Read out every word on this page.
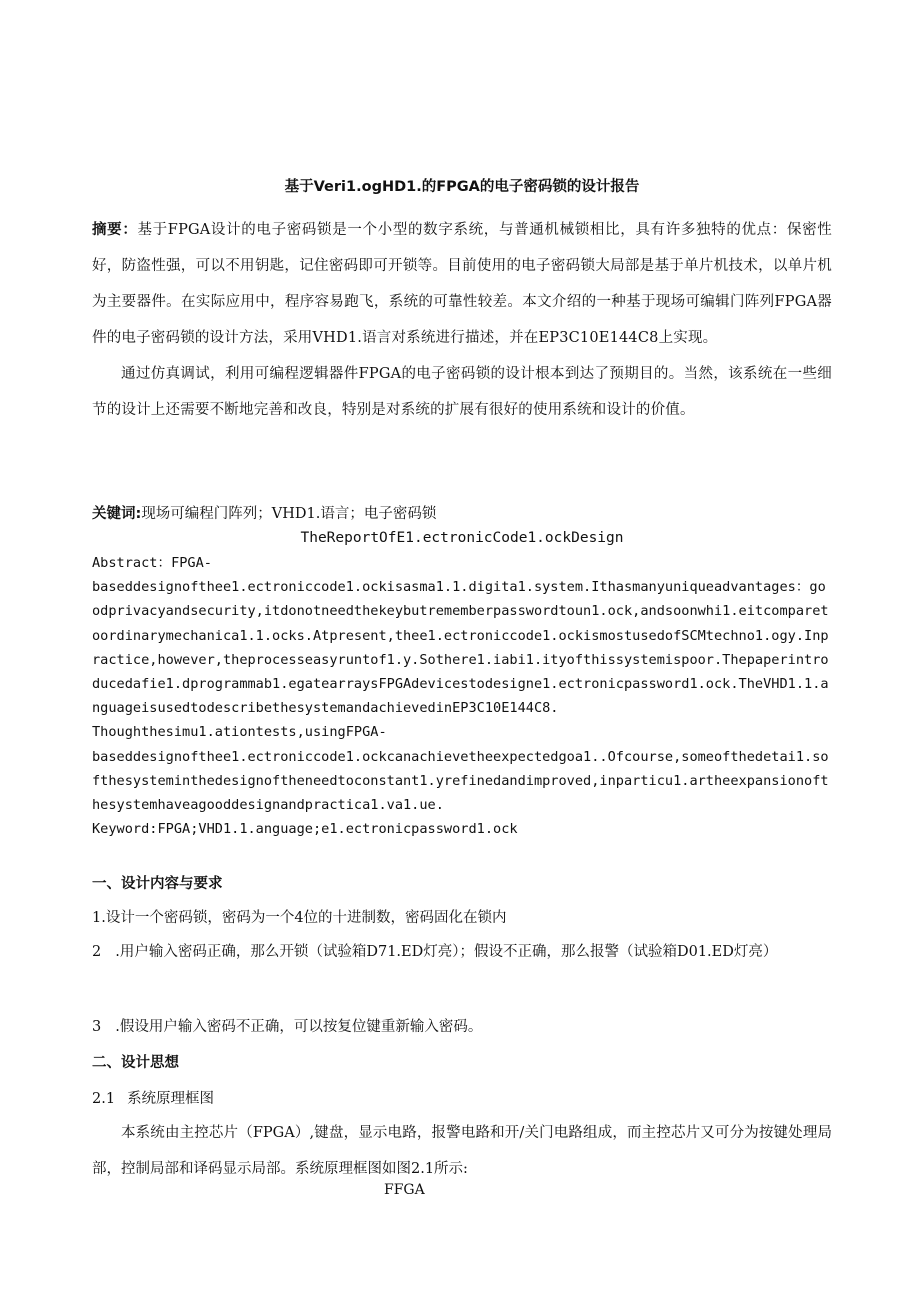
基于Veri1.ogHD1.的FPGA的电子密码锁的设计报告

摘要：基于FPGA设计的电子密码锁是一个小型的数字系统，与普通机械锁相比，具有许多独特的优点：保密性好，防盗性强，可以不用钥匙，记住密码即可开锁等。目前使用的电子密码锁大局部是基于单片机技术，以单片机为主要器件。在实际应用中，程序容易跑飞，系统的可靠性较差。本文介绍的一种基于现场可编辑门阵列FPGA器件的电子密码锁的设计方法，采用VHD1.语言对系统进行描述，并在EP3C10E144C8上实现。

通过仿真调试，利用可编程逻辑器件FPGA的电子密码锁的设计根本到达了预期目的。当然，该系统在一些细节的设计上还需要不断地完善和改良，特别是对系统的扩展有很好的使用系统和设计的价值。

关键词:现场可编程门阵列；VHD1.语言；电子密码锁
TheReportOfE1.ectronicCode1.ockDesign
Abstract：FPGA-
baseddesignofthee1.ectroniccode1.ockisasma1.1.digita1.system.Ithasmanyuniqueadvantages：goodprivacyandsecurity,itdonotneedthekeybutrememberpasswordtoun1.ock,andsoonwhi1.eitcomparetoordinarymechanica1.1.ocks.Atpresent,thee1.ectroniccode1.ockismostusedofSCMtechno1.ogy.Inpractice,however,theprocesseasyruntof1.y.Sothere1.iabi1.ityofthissystemispoor.Thepaperintroducedafie1.dprogrammab1.egatearraysFPGAdevicestodesigne1.ectronicpassword1.ock.TheVHD1.1.anguageisusedtodescribethesystemandachievedinEP3C10E144C8.
Thoughthesimu1.ationtests,usingFPGA-
baseddesignofthee1.ectroniccode1.ockcanachievetheexpectedgoa1..Ofcourse,someofthedetai1.softhesysteminthedesignoftheneedtoconstant1.yrefinedandimproved,inparticu1.artheexpansionofthesystemhaveagooddesignandpractica1.va1.ue.
Keyword:FPGA;VHD1.1.anguage;e1.ectronicpassword1.ock
一、设计内容与要求
1.设计一个密码锁，密码为一个4位的十进制数，密码固化在锁内
2 .用户输入密码正确，那么开锁（试验箱D71.ED灯亮）；假设不正确，那么报警（试验箱D01.ED灯亮）
3 .假设用户输入密码不正确，可以按复位键重新输入密码。
二、设计思想
2.1 系统原理框图
本系统由主控芯片（FPGA）,键盘，显示电路，报警电路和开/关门电路组成，而主控芯片又可分为按键处理局部，控制局部和译码显示局部。系统原理框图如图2.1所示:
FFGA
